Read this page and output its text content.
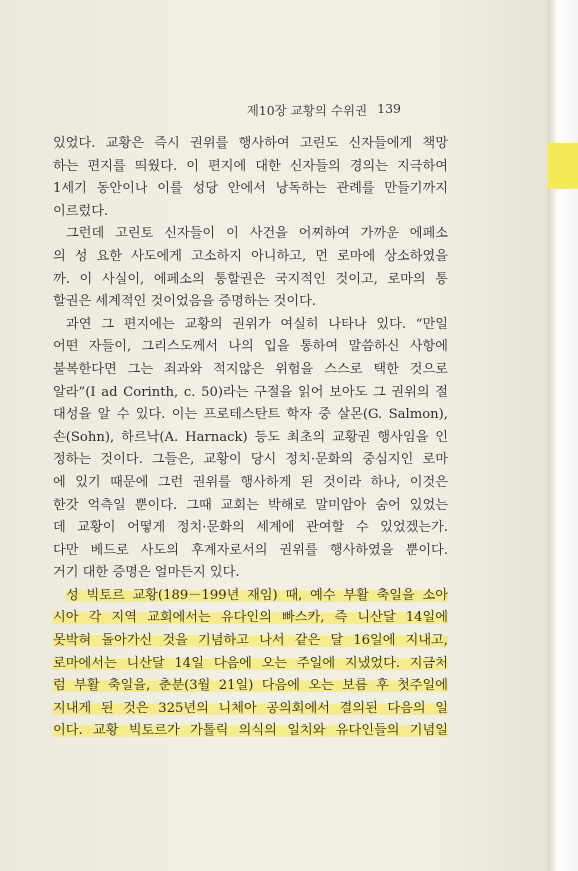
제10장 교황의 수위권 139
있었다. 교황은 즉시 권위를 행사하여 고린도 신자들에게 책망
하는 편지를 띄웠다. 이 편지에 대한 신자들의 경의는 지극하여
1세기 동안이나 이를 성당 안에서 낭독하는 관례를 만들기까지
이르렀다.
그런데 고린토 신자들이 이 사건을 어찌하여 가까운 에페소
의 성 요한 사도에게 고소하지 아니하고, 먼 로마에 상소하였을
까. 이 사실이, 에페소의 통할권은 국지적인 것이고, 로마의 통
할권은 세계적인 것이었음을 증명하는 것이다.
과연 그 편지에는 교황의 권위가 여실히 나타나 있다. “만일
어떤 자들이, 그리스도께서 나의 입을 통하여 말씀하신 사항에
불복한다면 그는 죄과와 적지않은 위험을 스스로 택한 것으로
알라”(I ad Corinth, c. 50)라는 구절을 읽어 보아도 그 권위의 절
대성을 알 수 있다. 이는 프로테스탄트 학자 중 살몬(G. Salmon),
손(Sohn), 하르낙(A. Harnack) 등도 최초의 교황권 행사임을 인
정하는 것이다. 그들은, 교황이 당시 정치·문화의 중심지인 로마
에 있기 때문에 그런 권위를 행사하게 된 것이라 하나, 이것은
한갓 억측일 뿐이다. 그때 교회는 박해로 말미암아 숨어 있었는
데 교황이 어떻게 정치·문화의 세계에 관여할 수 있었겠는가.
다만 베드로 사도의 후계자로서의 권위를 행사하였을 뿐이다.
거기 대한 증명은 얼마든지 있다.
성 빅토르 교황(189－199년 재임) 때, 예수 부활 축일을 소아
시아 각 지역 교회에서는 유다인의 빠스카, 즉 니산달 14일에
못박혀 돌아가신 것을 기념하고 나서 같은 달 16일에 지내고,
로마에서는 니산달 14일 다음에 오는 주일에 지냈었다. 지금처
럼 부활 축일을, 춘분(3월 21일) 다음에 오는 보름 후 첫주일에
지내게 된 것은 325년의 니체아 공의회에서 결의된 다음의 일
이다. 교황 빅토르가 가톨릭 의식의 일치와 유다인들의 기념일
